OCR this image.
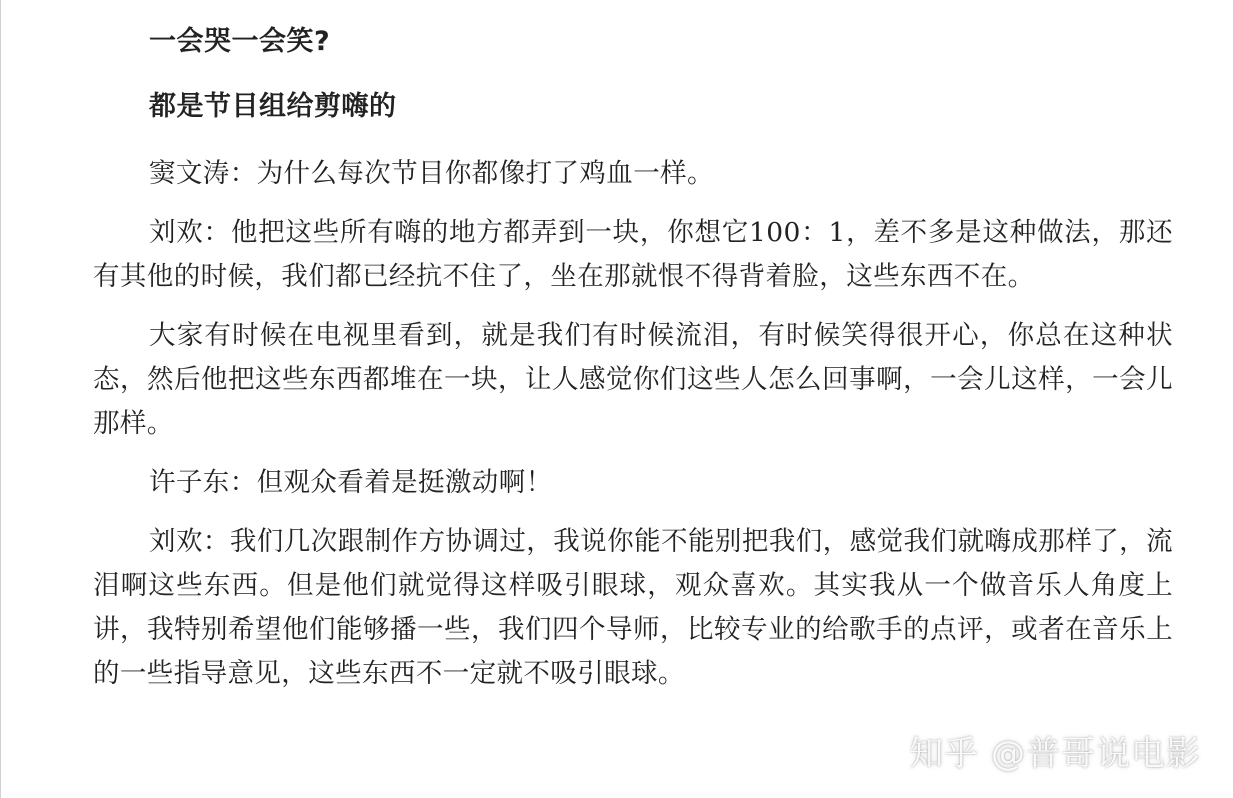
一会哭一会笑?
都是节目组给剪嗨的

窦文涛：为什么每次节目你都像打了鸡血一样。

刘欢：他把这些所有嗨的地方都弄到一块，你想它100：1，差不多是这种做法，那还有其他的时候，我们都已经抗不住了，坐在那就恨不得背着脸，这些东西不在。

大家有时候在电视里看到，就是我们有时候流泪，有时候笑得很开心，你总在这种状态，然后他把这些东西都堆在一块，让人感觉你们这些人怎么回事啊，一会儿这样，一会儿那样。

许子东：但观众看着是挺激动啊！

刘欢：我们几次跟制作方协调过，我说你能不能别把我们，感觉我们就嗨成那样了，流泪啊这些东西。但是他们就觉得这样吸引眼球，观众喜欢。其实我从一个做音乐人角度上讲，我特别希望他们能够播一些，我们四个导师，比较专业的给歌手的点评，或者在音乐上的一些指导意见，这些东西不一定就不吸引眼球。

知乎 @普哥说电影
